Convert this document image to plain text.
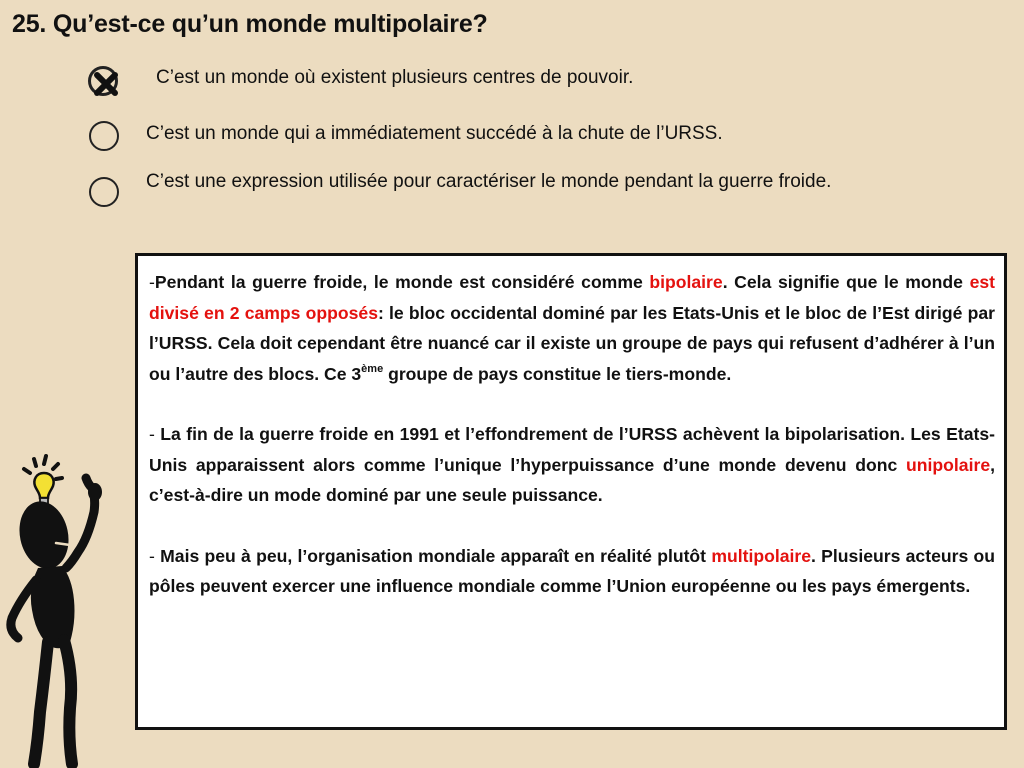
25. Qu’est-ce qu’un monde multipolaire?
C’est un monde où existent plusieurs centres de pouvoir.
C’est un monde qui a immédiatement succédé à la chute de l’URSS.
C’est une expression utilisée pour caractériser le monde pendant la guerre froide.

-Pendant la guerre froide, le monde est considéré comme bipolaire. Cela signifie que le monde est divisé en 2 camps opposés: le bloc occidental dominé par les Etats-Unis et le bloc de l’Est dirigé par l’URSS. Cela doit cependant être nuancé car il existe un groupe de pays qui refusent d’adhérer à l’un ou l’autre des blocs. Ce 3ème groupe de pays constitue le tiers-monde.

- La fin de la guerre froide en 1991 et l’effondrement de l’URSS achèvent la bipolarisation. Les Etats-Unis apparaissent alors comme l’unique l’hyperpuissance d’une monde devenu donc unipolaire, c’est-à-dire un mode dominé par une seule puissance.

- Mais peu à peu, l’organisation mondiale apparaît en réalité plutôt multipolaire. Plusieurs acteurs ou pôles peuvent exercer une influence mondiale comme l’Union européenne ou les pays émergents.
